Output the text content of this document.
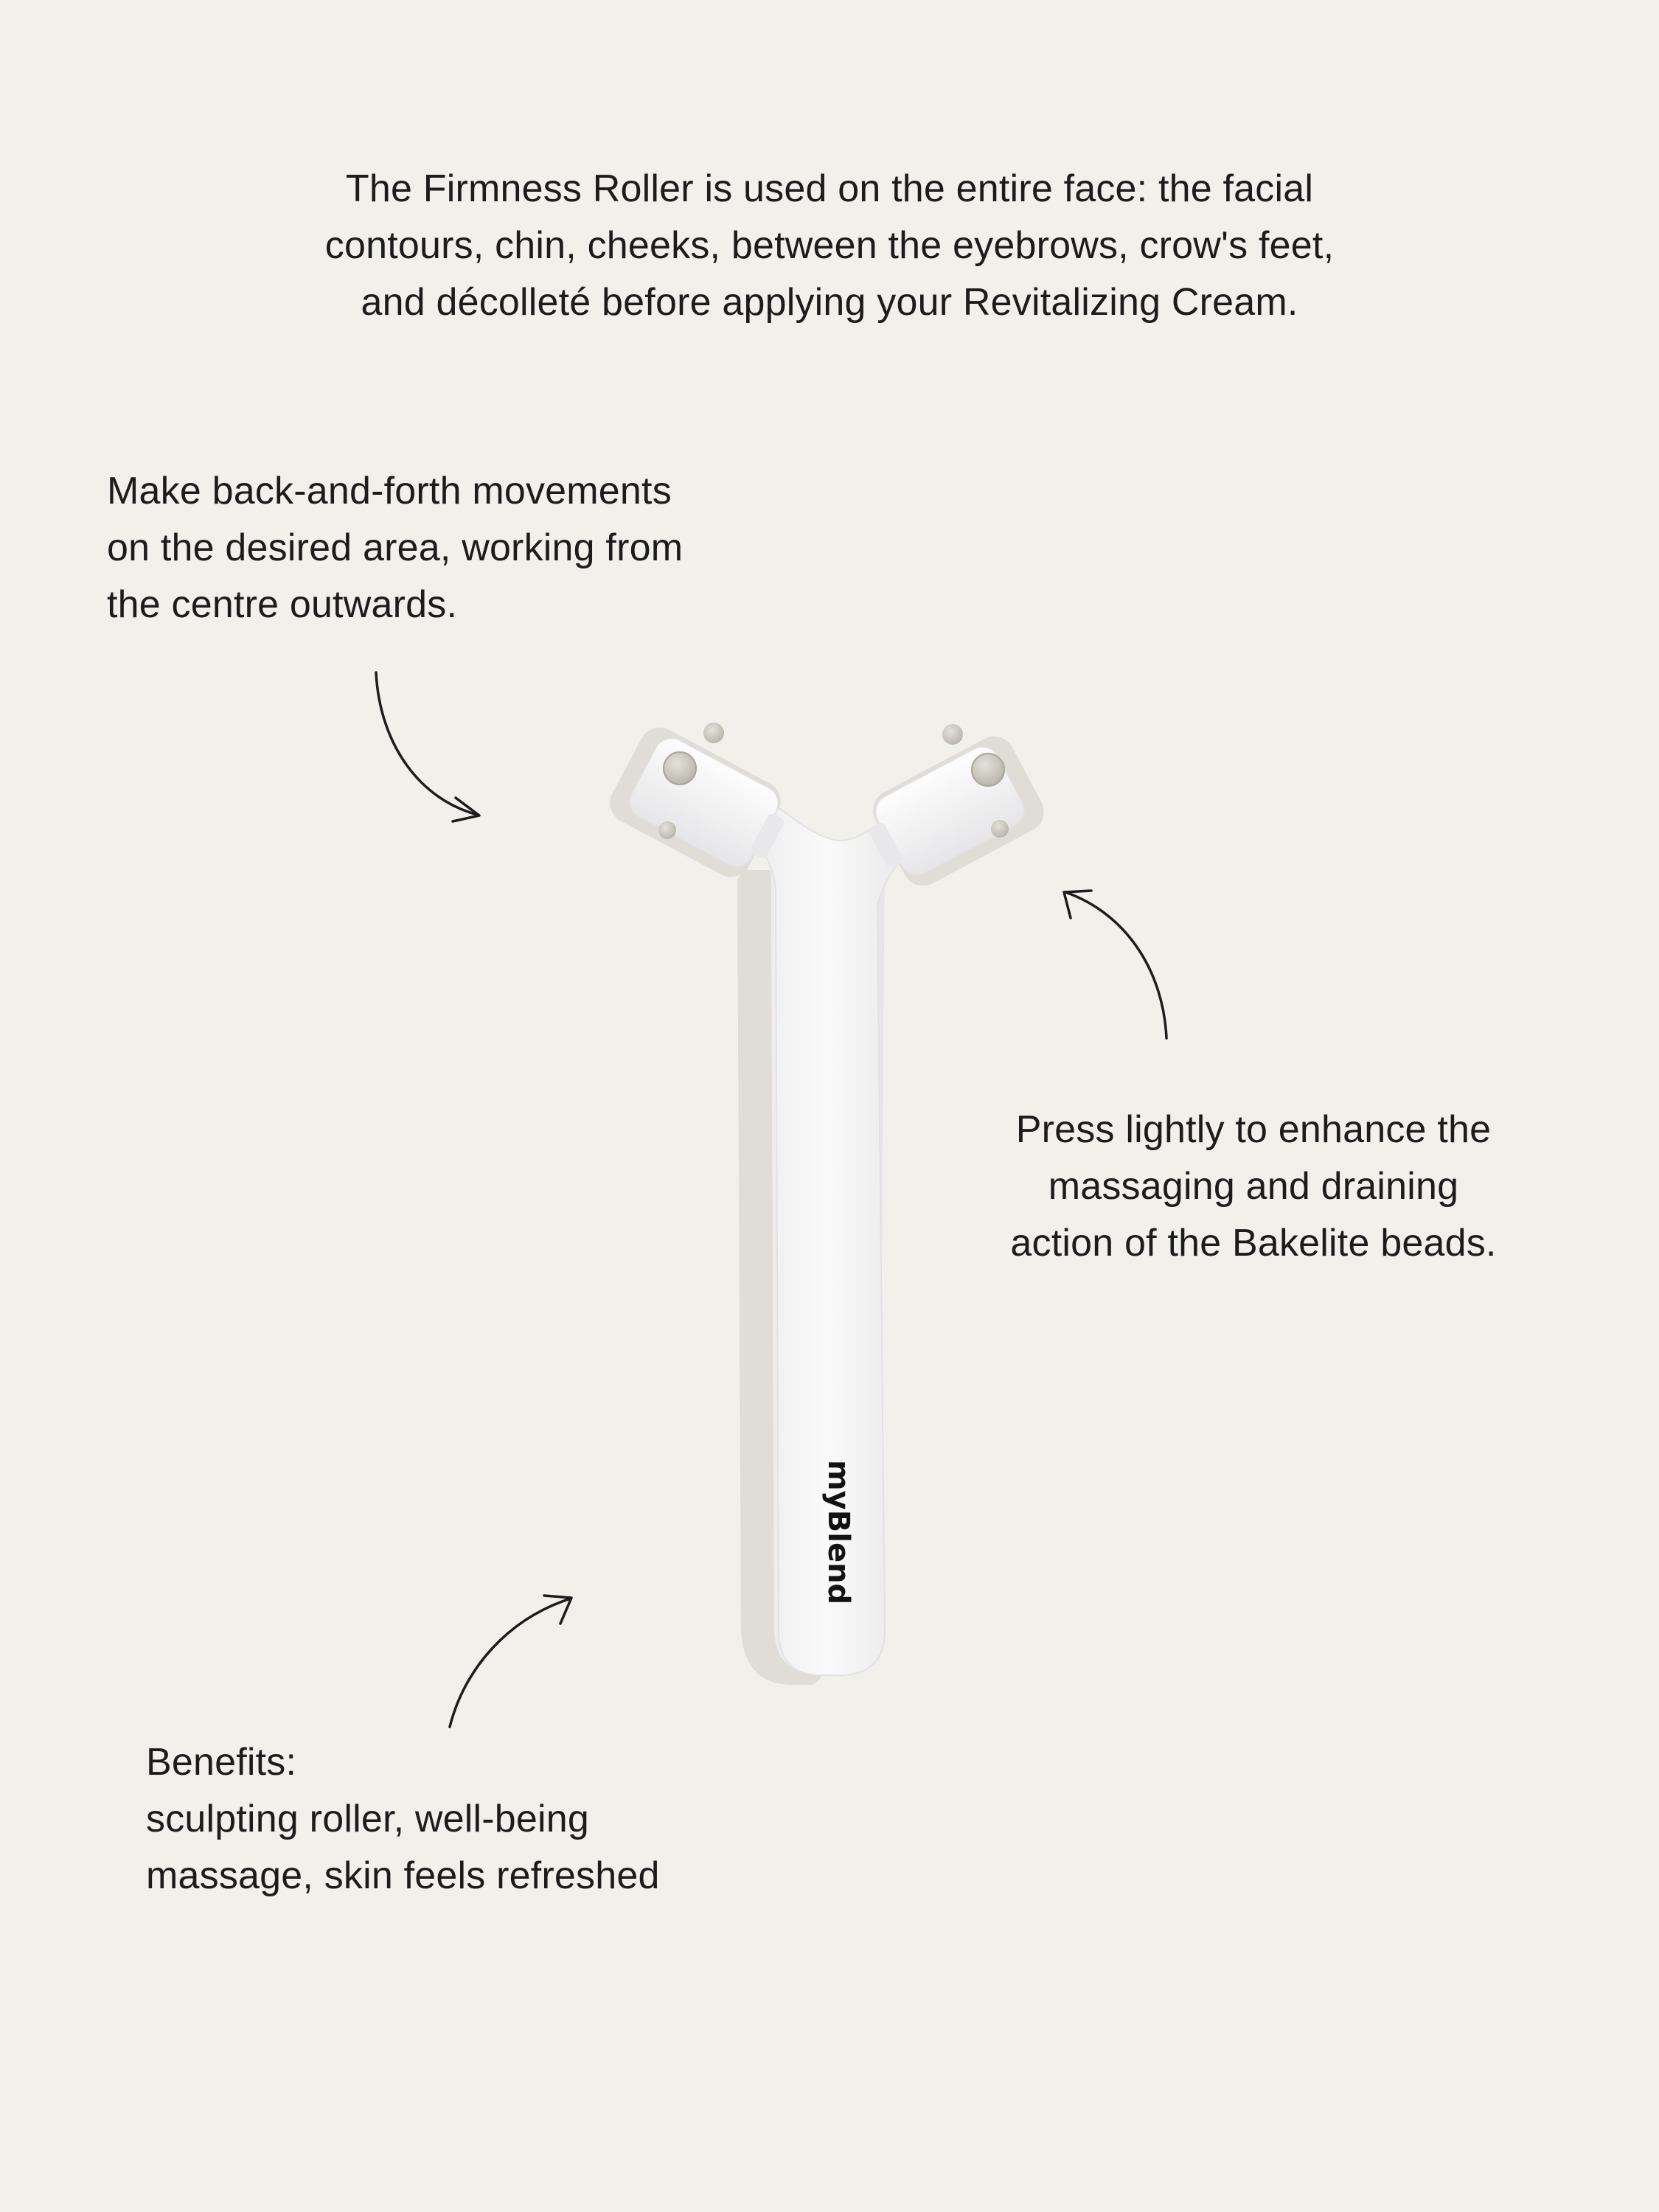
The Firmness Roller is used on the entire face: the facial
contours, chin, cheeks, between the eyebrows, crow's feet,
and décolleté before applying your Revitalizing Cream.
Make back-and-forth movements
on the desired area, working from
the centre outwards.
Press lightly to enhance the
massaging and draining
action of the Bakelite beads.
Benefits:
sculpting roller, well-being
massage, skin feels refreshed
myBlend
